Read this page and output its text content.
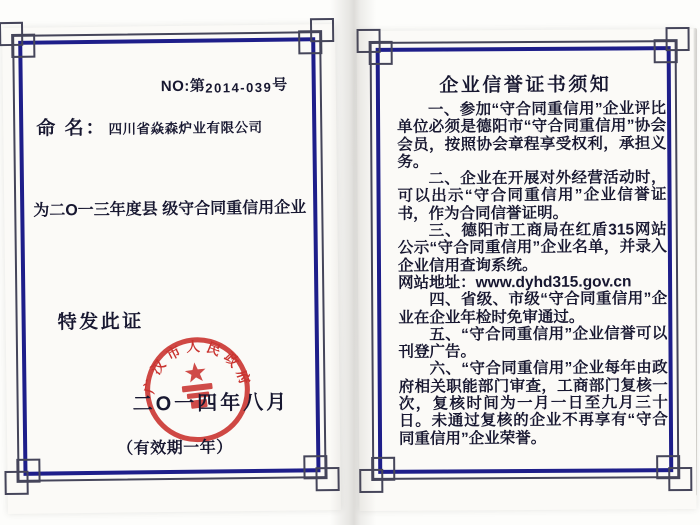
NO:第2014-039号
命 名： 四川省焱森炉业有限公司
为二O一三年度县 级守合同重信用企业
特发此证
广汉市人民政府
二O一四年八月
（有效期一年）
企业信誉证书须知

一、参加“守合同重信用”企业评比单位必须是德阳市“守合同重信用”协会会员，按照协会章程享受权利，承担义务。

二、企业在开展对外经营活动时，可以出示“守合同重信用”企业信誉证书，作为合同信誉证明。

三、德阳市工商局在红盾315网站公示“守合同重信用”企业名单，并录入企业信用查询系统。

网站地址：www.dyhd315.gov.cn

四、省级、市级“守合同重信用”企业在企业年检时免审通过。

五、“守合同重信用”企业信誉可以刊登广告。

六、“守合同重信用”企业每年由政府相关职能部门审查，工商部门复核一次，复核时间为一月一日至九月三十日。未通过复核的企业不再享有“守合同重信用”企业荣誉。
